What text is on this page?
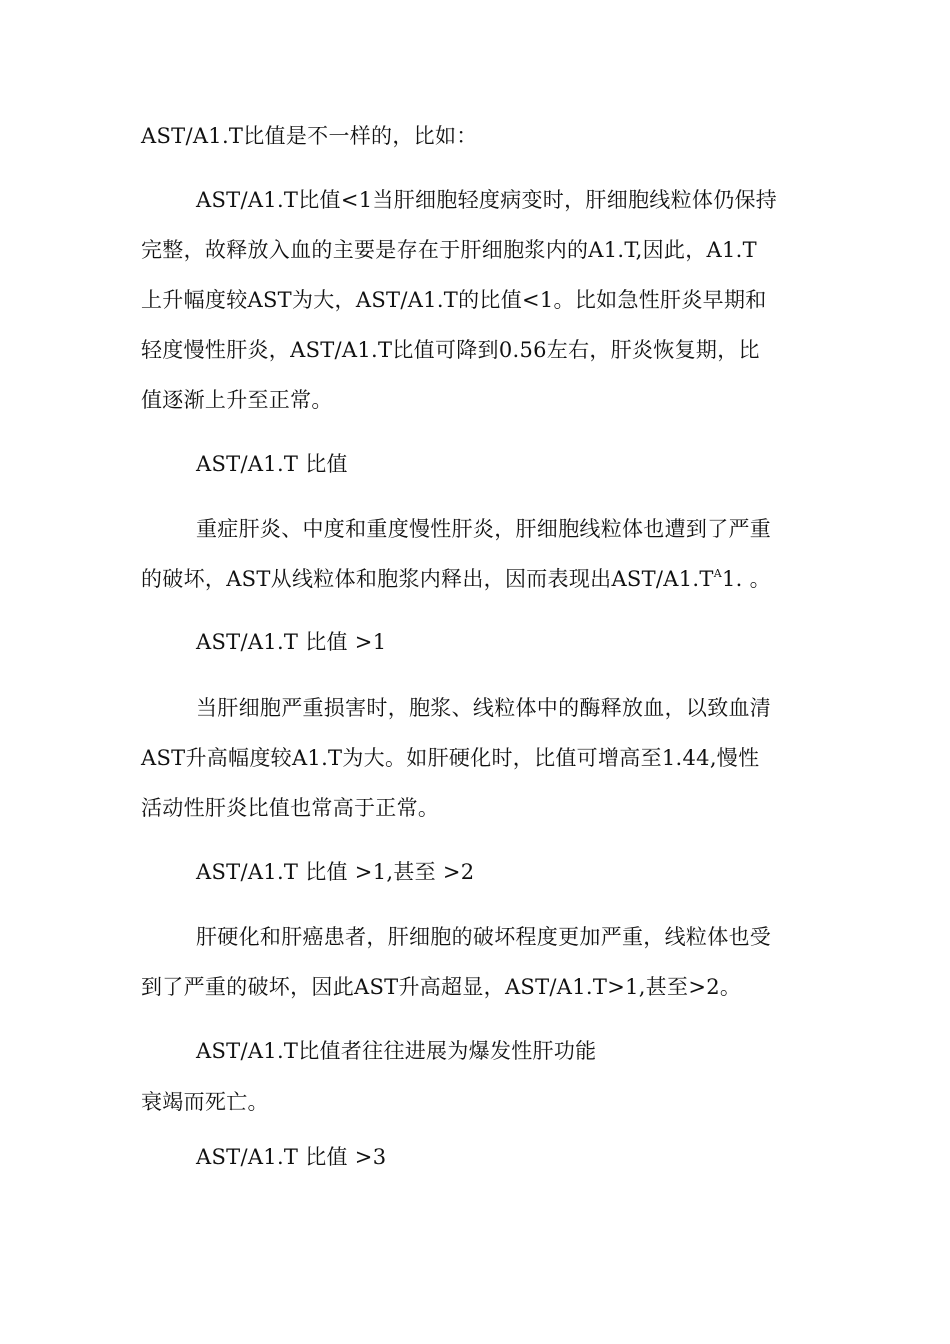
AST/A1.T比值是不一样的，比如：
AST/A1.T比值<1当肝细胞轻度病变时，肝细胞线粒体仍保持
完整，故释放入血的主要是存在于肝细胞浆内的A1.T,因此，A1.T
上升幅度较AST为大，AST/A1.T的比值<1。比如急性肝炎早期和
轻度慢性肝炎，AST/A1.T比值可降到0.56左右，肝炎恢复期，比
值逐渐上升至正常。
AST/A1.T 比值
重症肝炎、中度和重度慢性肝炎，肝细胞线粒体也遭到了严重
的破坏，AST从线粒体和胞浆内释出，因而表现出AST/$A1.T^A1$. 。
AST/A1.T 比值 >1
当肝细胞严重损害时，胞浆、线粒体中的酶释放血，以致血清
AST升高幅度较A1.T为大。如肝硬化时，比值可增高至1.44,慢性
活动性肝炎比值也常高于正常。
AST/A1.T 比值 >1,甚至 >2
肝硬化和肝癌患者，肝细胞的破坏程度更加严重，线粒体也受
到了严重的破坏，因此AST升高超显，AST/A1.T>1,甚至>2。
AST/A1.T比值者往往进展为爆发性肝功能
衰竭而死亡。
AST/A1.T 比值 >3
